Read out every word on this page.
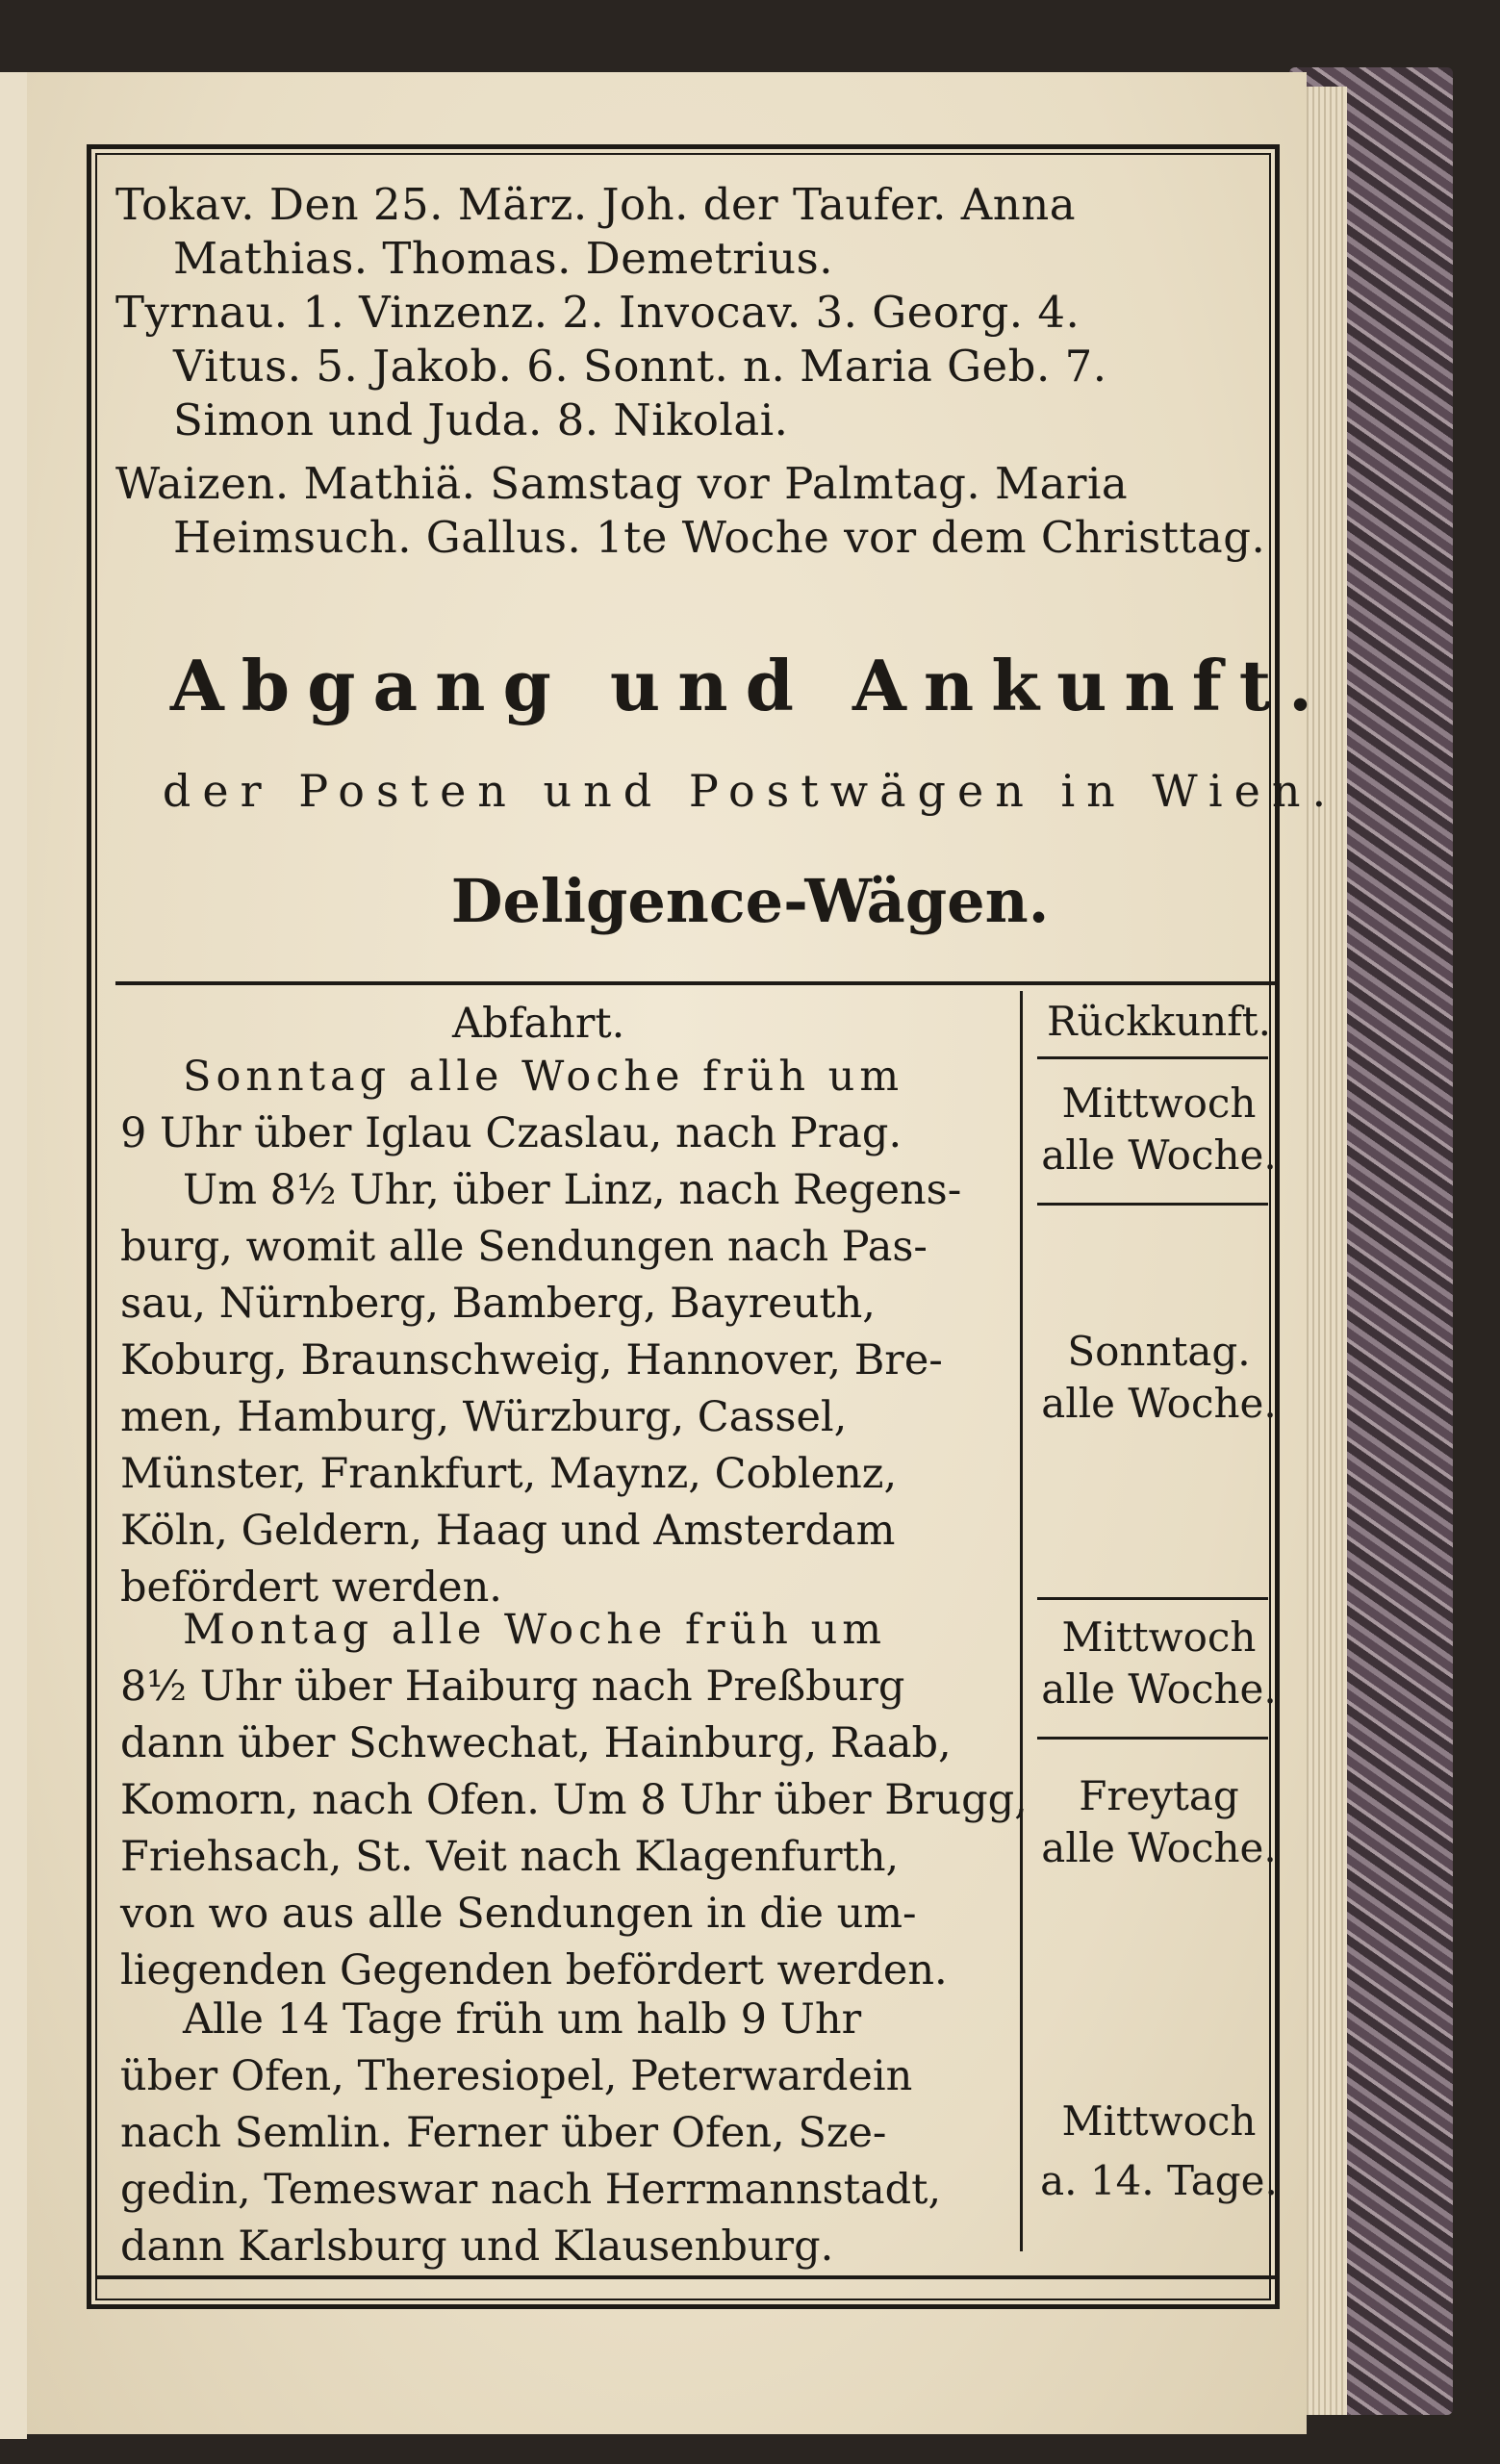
Tokav. Den 25. März. Joh. der Taufer. Anna
Mathias. Thomas. Demetrius.
Tyrnau. 1. Vinzenz. 2. Invocav. 3. Georg. 4.
Vitus. 5. Jakob. 6. Sonnt. n. Maria Geb. 7.
Simon und Juda. 8. Nikolai.
Waizen. Mathiä. Samstag vor Palmtag. Maria
Heimsuch. Gallus. 1te Woche vor dem Christtag.
Abgang und Ankunft.
der Posten und Postwägen in Wien.
Deligence-Wägen.
Abfahrt.	Rückkunft.
Sonntag alle Woche früh um
9 Uhr über Iglau Czaslau, nach Prag.
Um 8½ Uhr, über Linz, nach Regens-
burg, womit alle Sendungen nach Pas-
sau, Nürnberg, Bamberg, Bayreuth,
Koburg, Braunschweig, Hannover, Bre-
men, Hamburg, Würzburg, Cassel,
Münster, Frankfurt, Maynz, Coblenz,
Köln, Geldern, Haag und Amsterdam
befördert werden.
Mittwoch
alle Woche.
Sonntag.
alle Woche.
Montag alle Woche früh um
8½ Uhr über Haiburg nach Preßburg
dann über Schwechat, Hainburg, Raab,
Komorn, nach Ofen. Um 8 Uhr über Brugg,
Friehsach, St. Veit nach Klagenfurth,
von wo aus alle Sendungen in die um-
liegenden Gegenden befördert werden.
Mittwoch
alle Woche.
Freytag
alle Woche.
Alle 14 Tage früh um halb 9 Uhr
über Ofen, Theresiopel, Peterwardein
nach Semlin. Ferner über Ofen, Sze-
gedin, Temeswar nach Herrmannstadt,
dann Karlsburg und Klausenburg.
Mittwoch
a. 14. Tage.
